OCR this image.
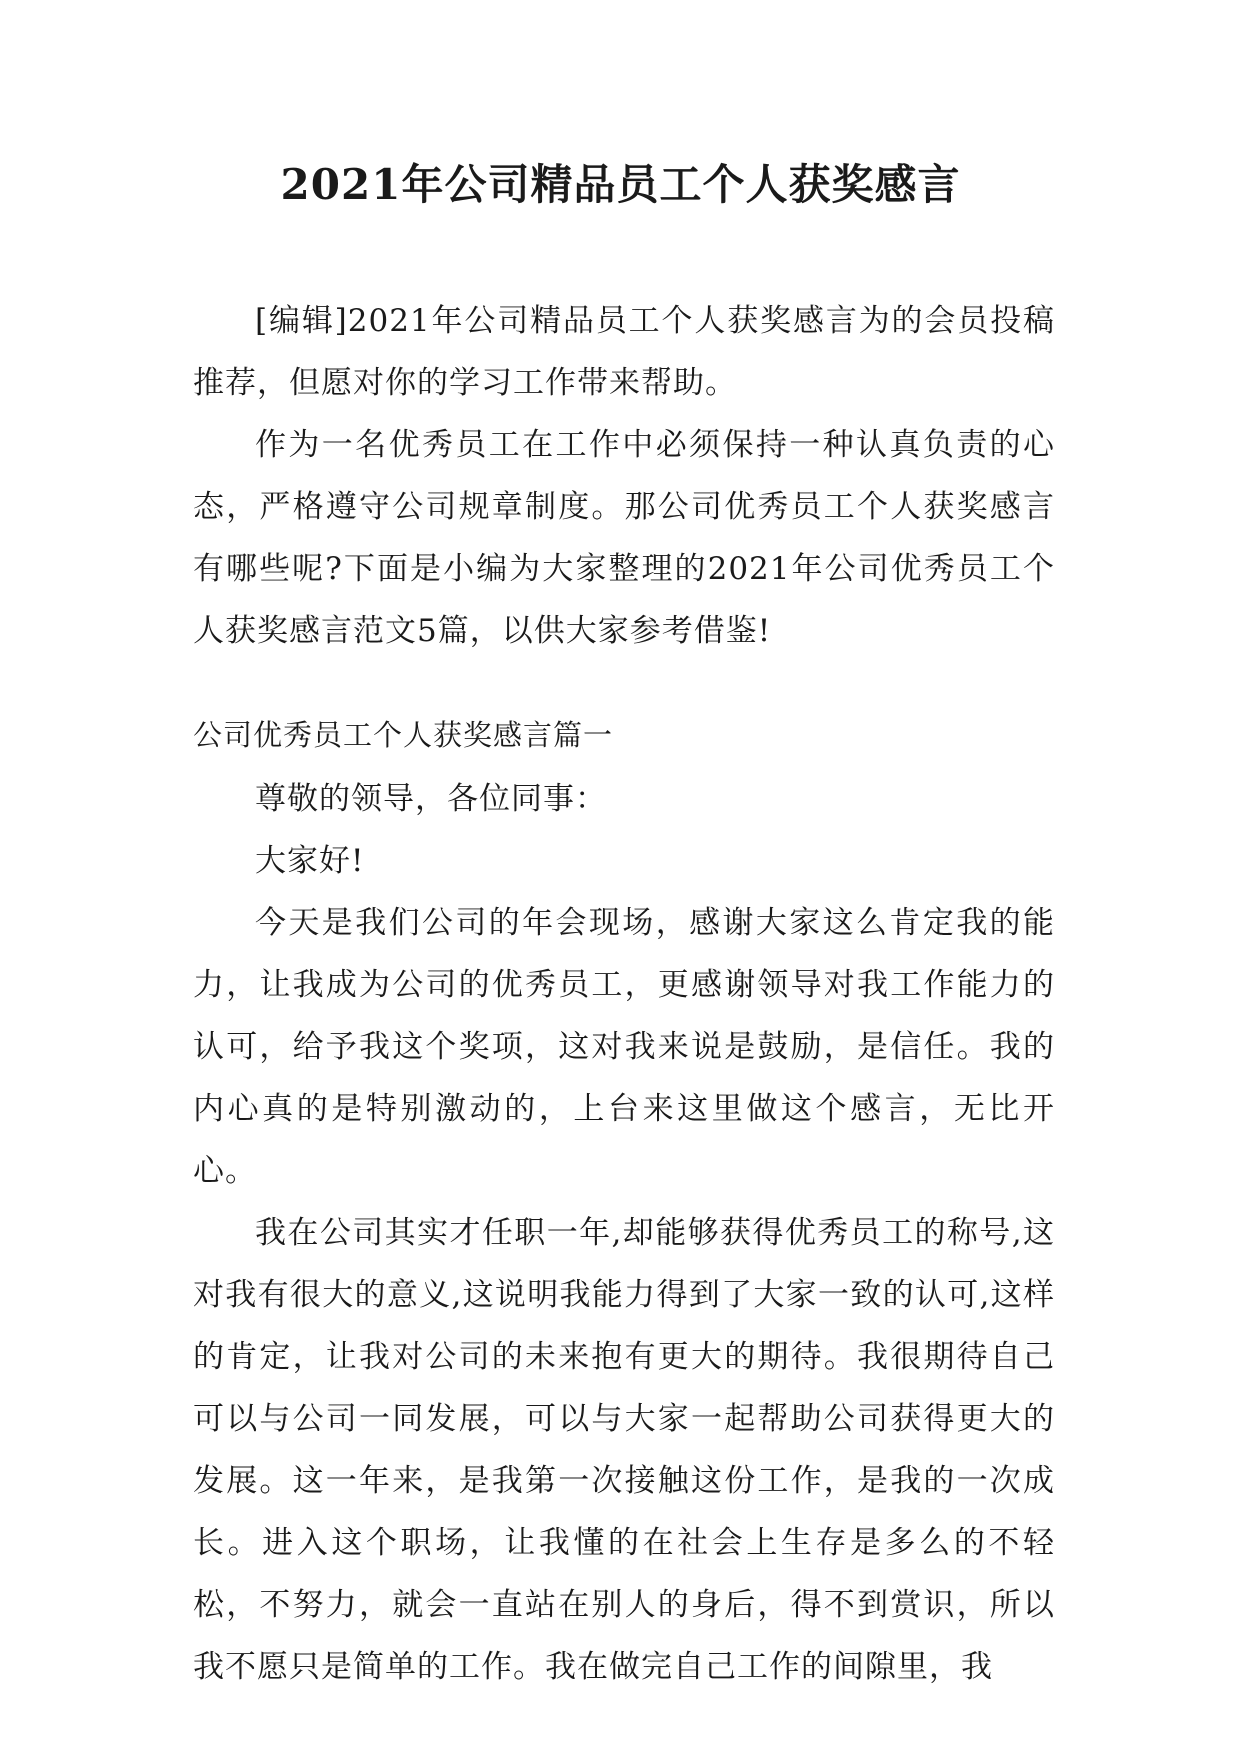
2021年公司精品员工个人获奖感言

[编辑]2021年公司精品员工个人获奖感言为的会员投稿推荐，但愿对你的学习工作带来帮助。

作为一名优秀员工在工作中必须保持一种认真负责的心态，严格遵守公司规章制度。那公司优秀员工个人获奖感言有哪些呢?下面是小编为大家整理的2021年公司优秀员工个人获奖感言范文5篇，以供大家参考借鉴!

公司优秀员工个人获奖感言篇一

尊敬的领导，各位同事：

大家好!

今天是我们公司的年会现场，感谢大家这么肯定我的能力，让我成为公司的优秀员工，更感谢领导对我工作能力的认可，给予我这个奖项，这对我来说是鼓励，是信任。我的内心真的是特别激动的，上台来这里做这个感言，无比开心。

我在公司其实才任职一年,却能够获得优秀员工的称号,这对我有很大的意义,这说明我能力得到了大家一致的认可,这样的肯定，让我对公司的未来抱有更大的期待。我很期待自己可以与公司一同发展，可以与大家一起帮助公司获得更大的发展。这一年来，是我第一次接触这份工作，是我的一次成长。进入这个职场，让我懂的在社会上生存是多么的不轻松，不努力，就会一直站在别人的身后，得不到赏识，所以我不愿只是简单的工作。我在做完自己工作的间隙里，我
